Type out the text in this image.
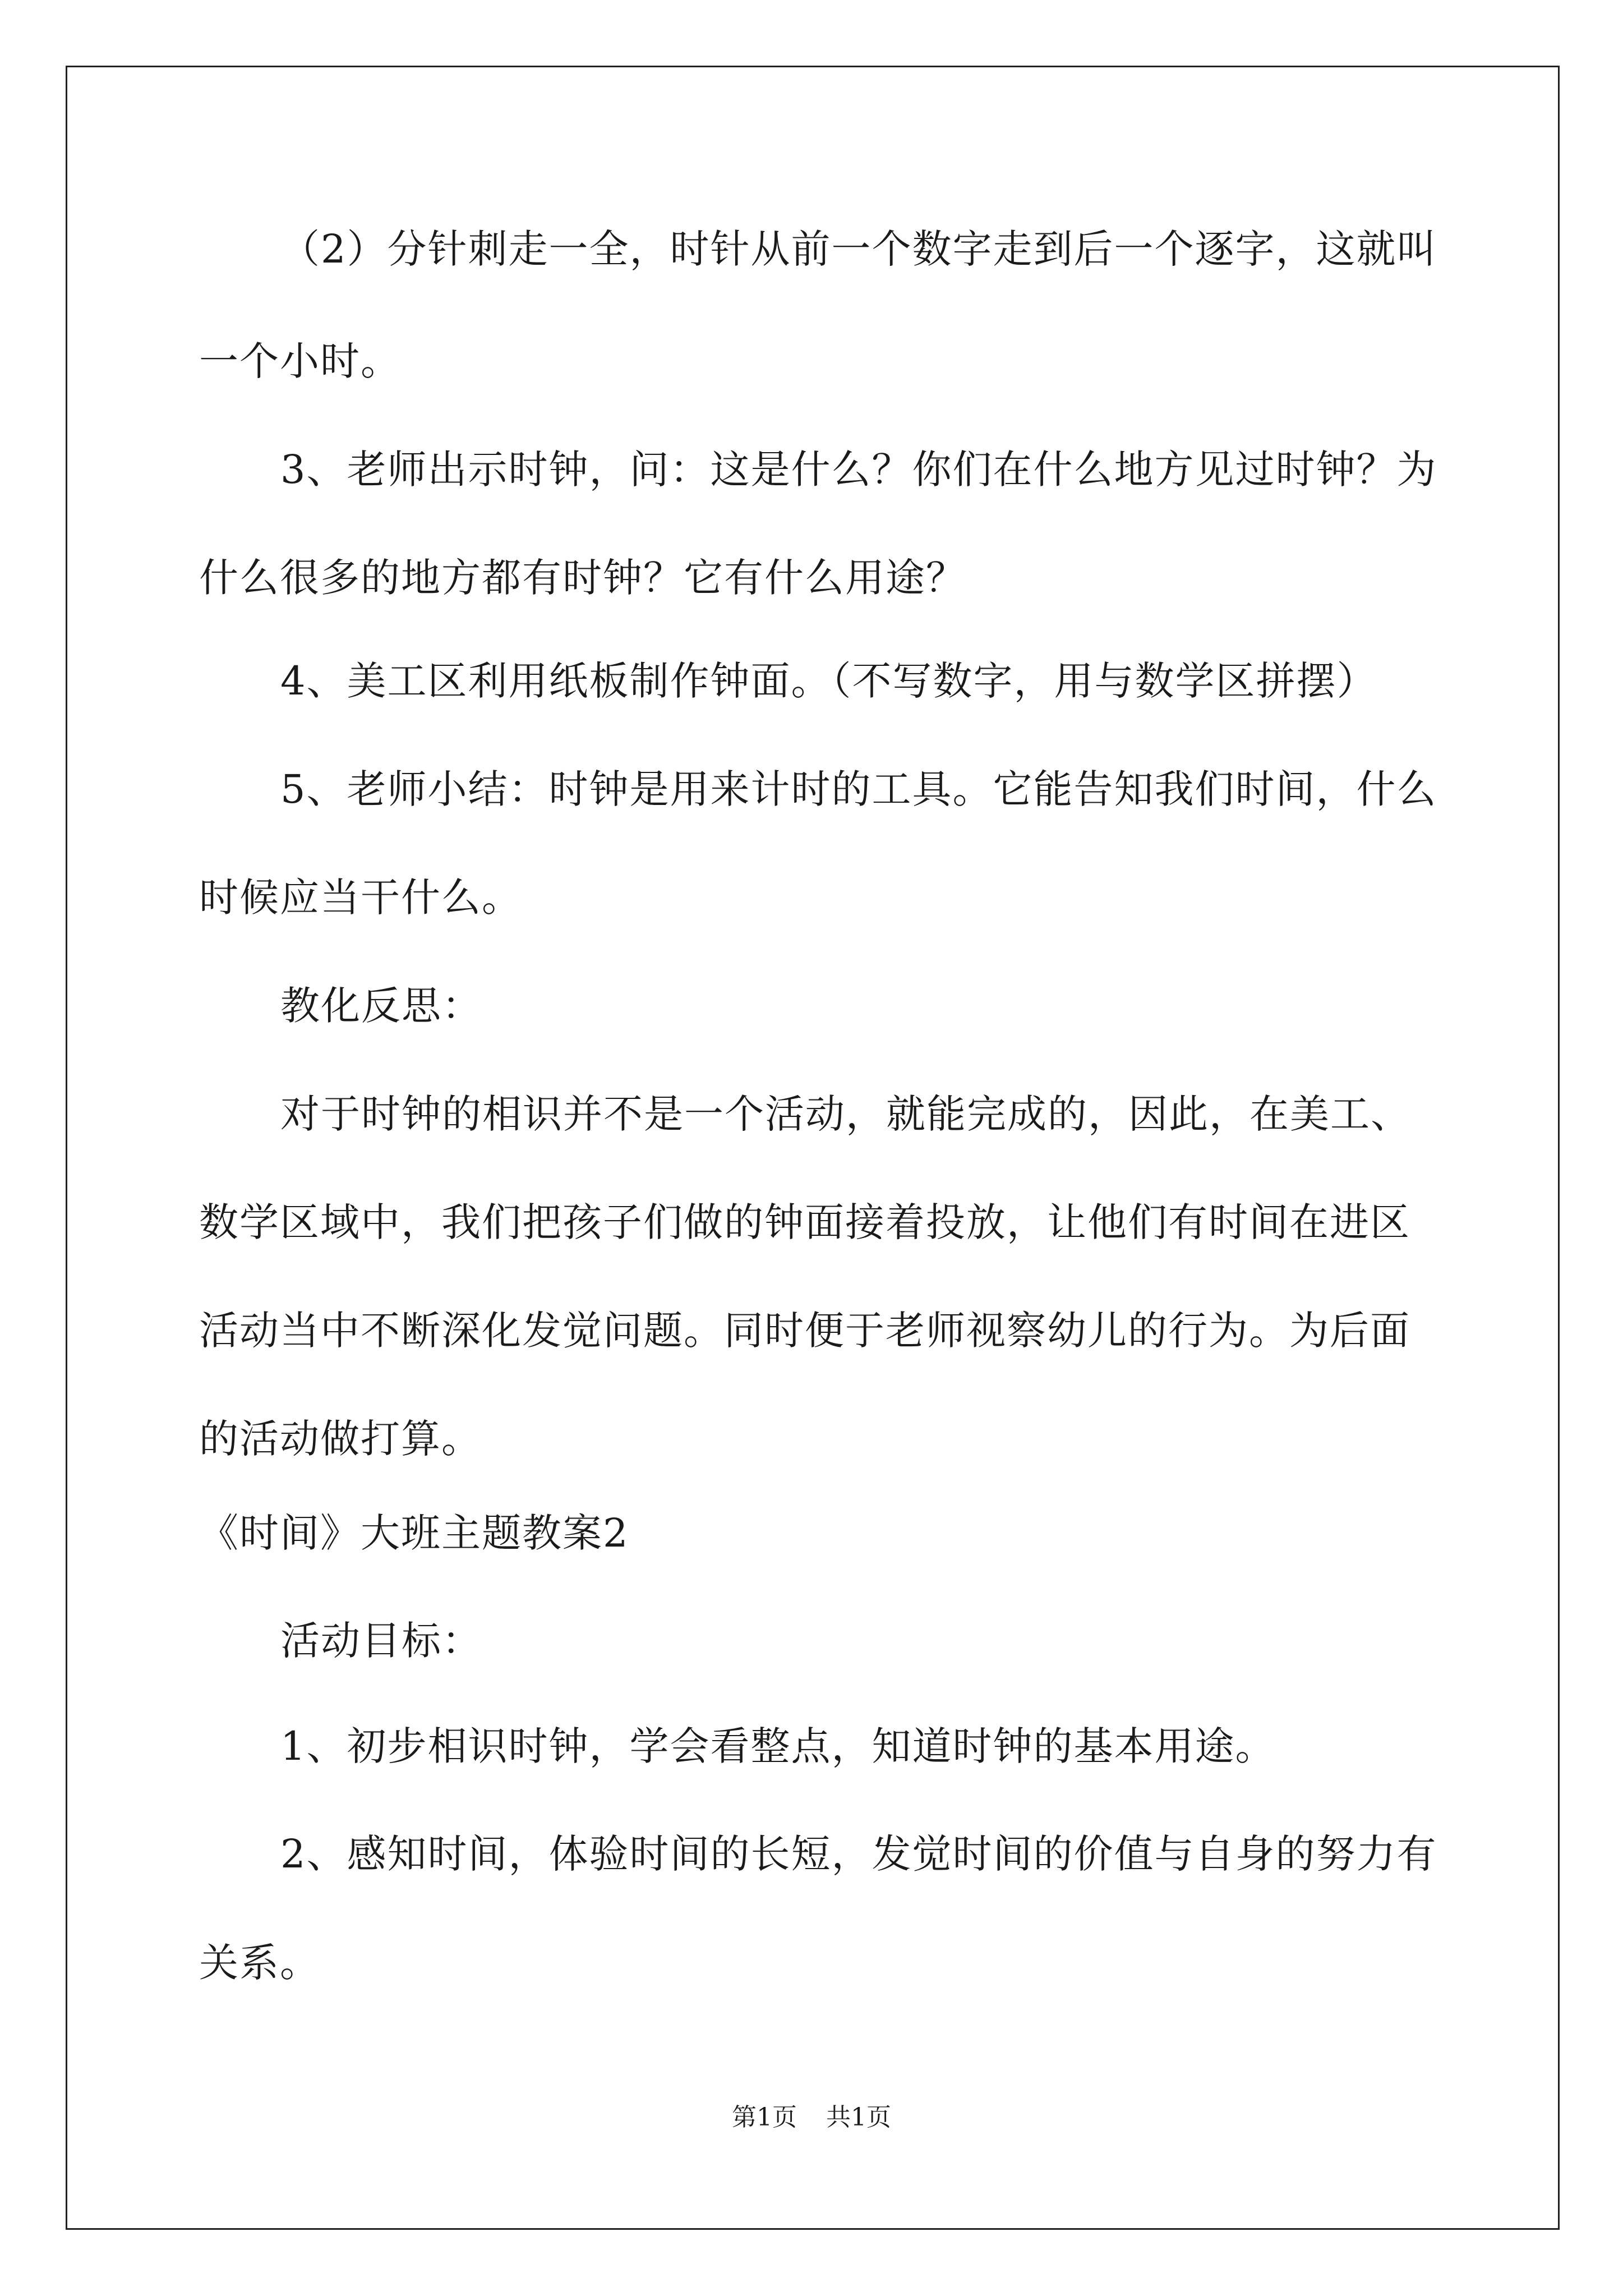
（2）分针刺走一全，时针从前一个数字走到后一个逐字，这就叫
一个小时。
3、老师出示时钟，问：这是什么？你们在什么地方见过时钟？为
什么很多的地方都有时钟？它有什么用途？
4、美工区利用纸板制作钟面。（不写数字，用与数学区拼摆）
5、老师小结：时钟是用来计时的工具。它能告知我们时间，什么
时候应当干什么。
教化反思：
对于时钟的相识并不是一个活动，就能完成的，因此，在美工、
数学区域中，我们把孩子们做的钟面接着投放，让他们有时间在进区
活动当中不断深化发觉问题。同时便于老师视察幼儿的行为。为后面
的活动做打算。
《时间》大班主题教案2
活动目标：
1、初步相识时钟，学会看整点，知道时钟的基本用途。
2、感知时间，体验时间的长短，发觉时间的价值与自身的努力有
关系。
第1页 共1页
